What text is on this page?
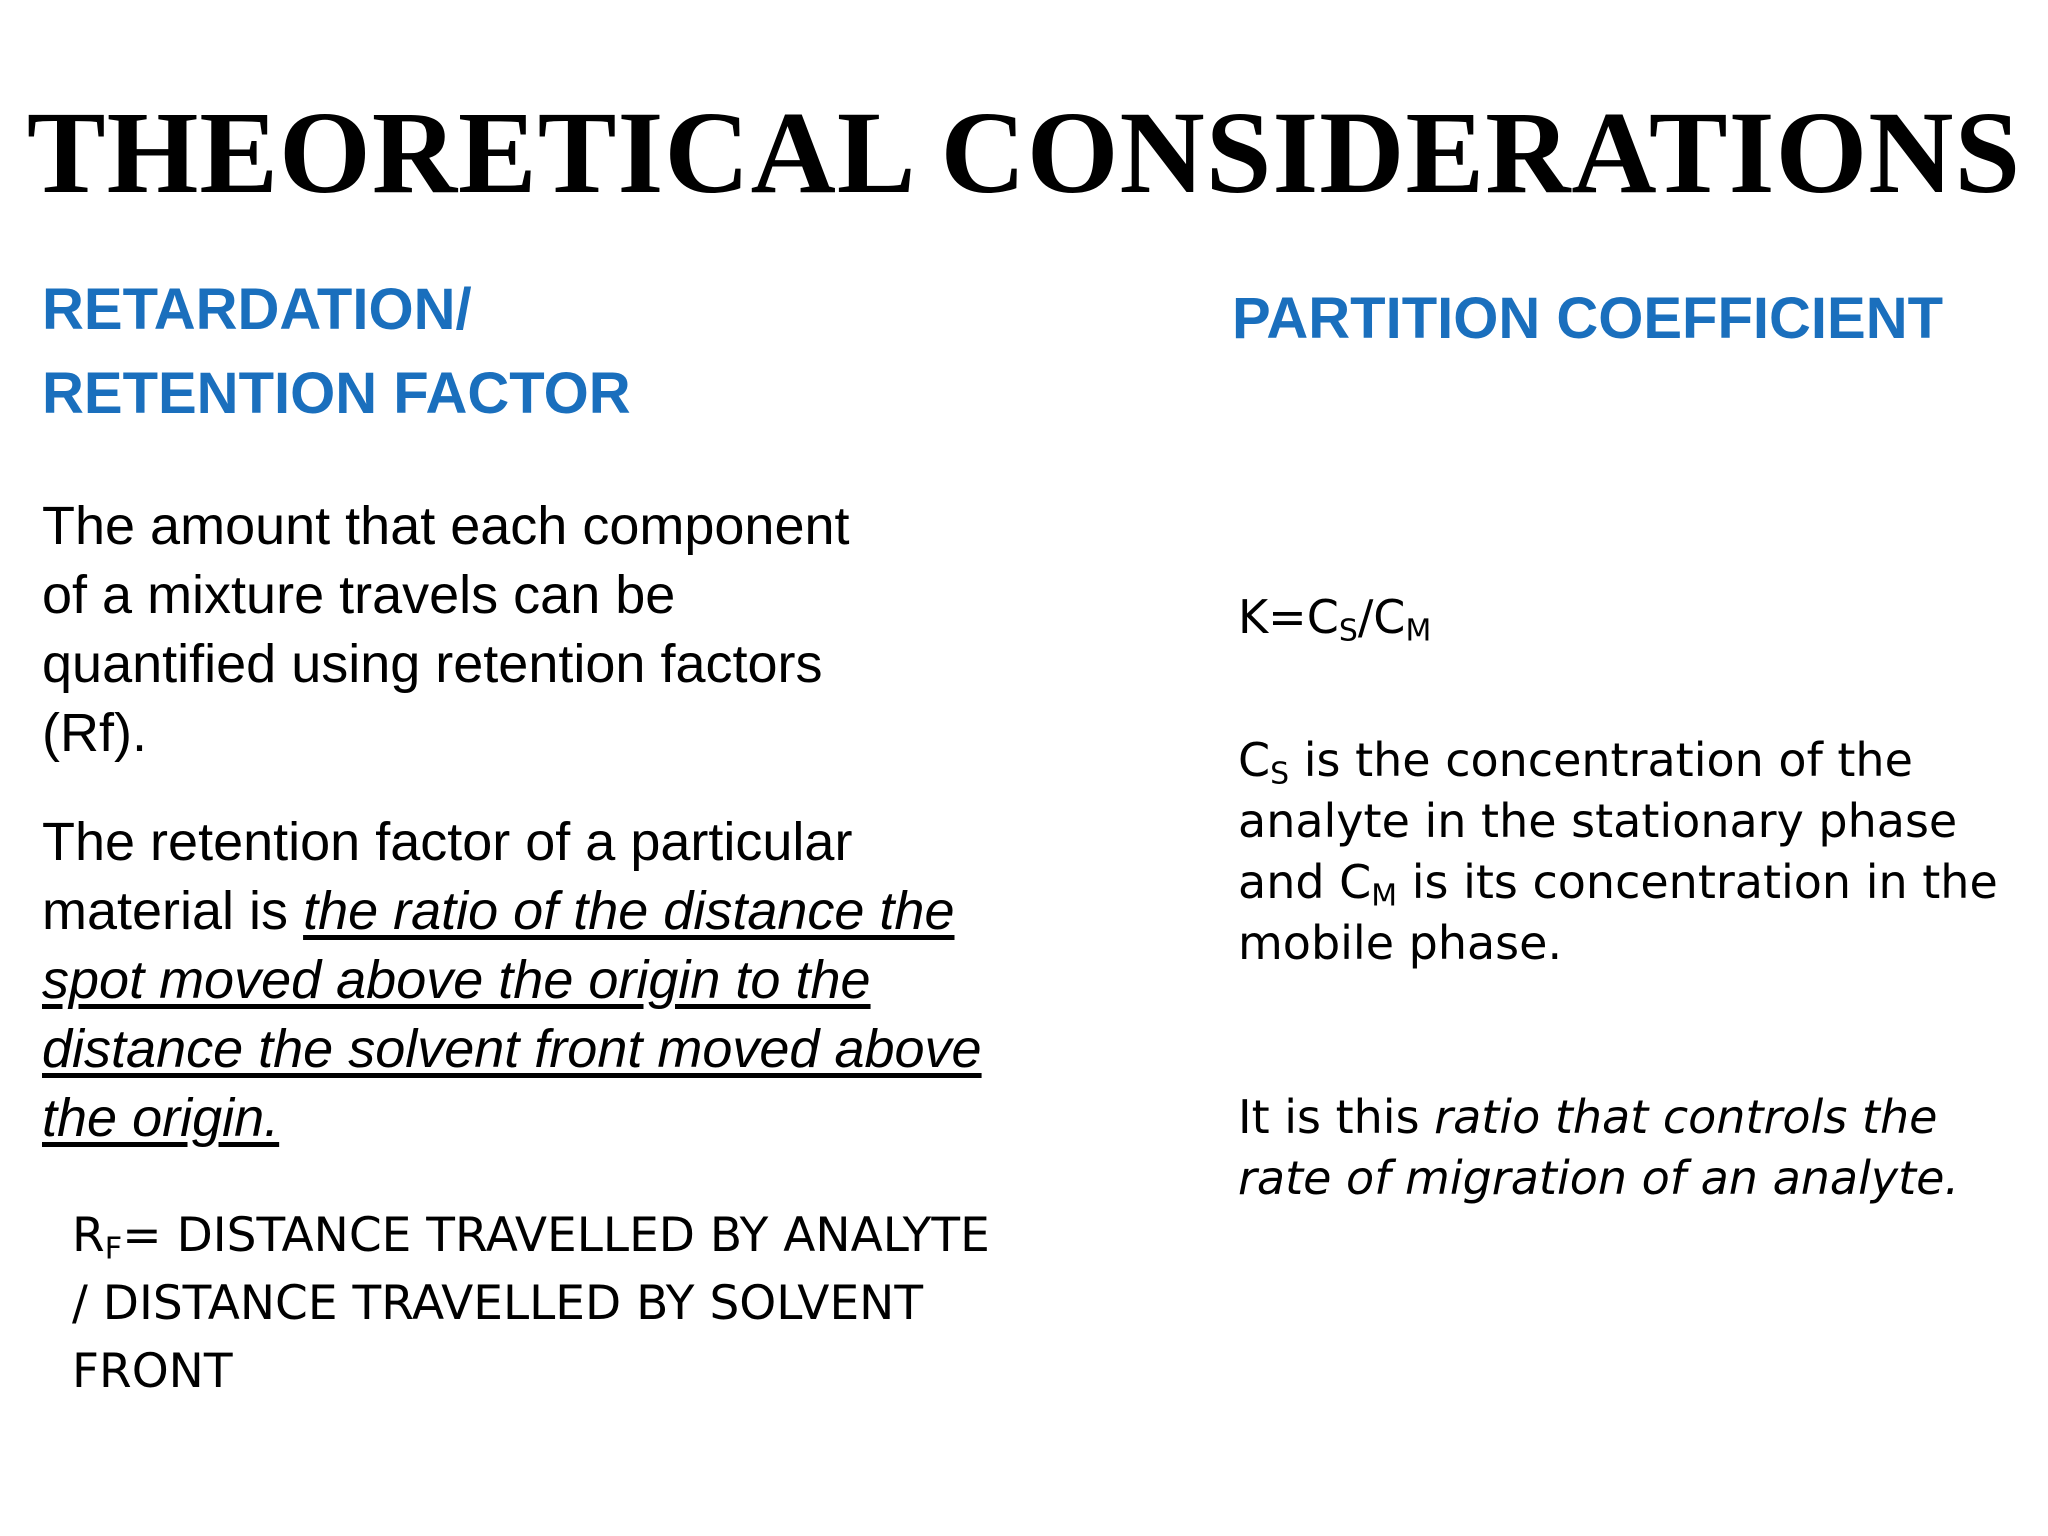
THEORETICAL CONSIDERATIONS
RETARDATION/
RETENTION FACTOR
The amount that each component of a mixture travels can be quantified using retention factors (Rf).
The retention factor of a particular material is the ratio of the distance the spot moved above the origin to the distance the solvent front moved above the origin.
$R_F=$ DISTANCE TRAVELLED BY ANALYTE / DISTANCE TRAVELLED BY SOLVENT FRONT
PARTITION COEFFICIENT
$K=C_S/C_M$
$C_S$ is the concentration of the analyte in the stationary phase and $C_M$ is its concentration in the mobile phase.
It is this ratio that controls the rate of migration of an analyte.
